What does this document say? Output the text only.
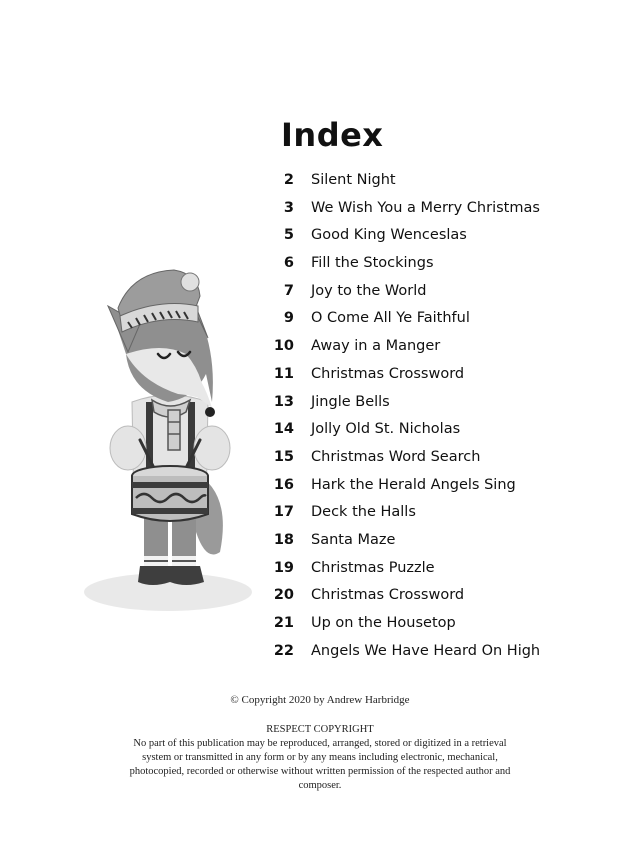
Index
2 Silent Night
3 We Wish You a Merry Christmas
5 Good King Wenceslas
6 Fill the Stockings
7 Joy to the World
9 O Come All Ye Faithful
10 Away in a Manger
11 Christmas Crossword
13 Jingle Bells
14 Jolly Old St. Nicholas
15 Christmas Word Search
16 Hark the Herald Angels Sing
17 Deck the Halls
18 Santa Maze
19 Christmas Puzzle
20 Christmas Crossword
21 Up on the Housetop
22 Angels We Have Heard On High

© Copyright 2020 by Andrew Harbridge

RESPECT COPYRIGHT
No part of this publication may be reproduced, arranged, stored or digitized in a retrieval system or transmitted in any form or by any means including electronic, mechanical, photocopied, recorded or otherwise without written permission of the respected author and composer.
